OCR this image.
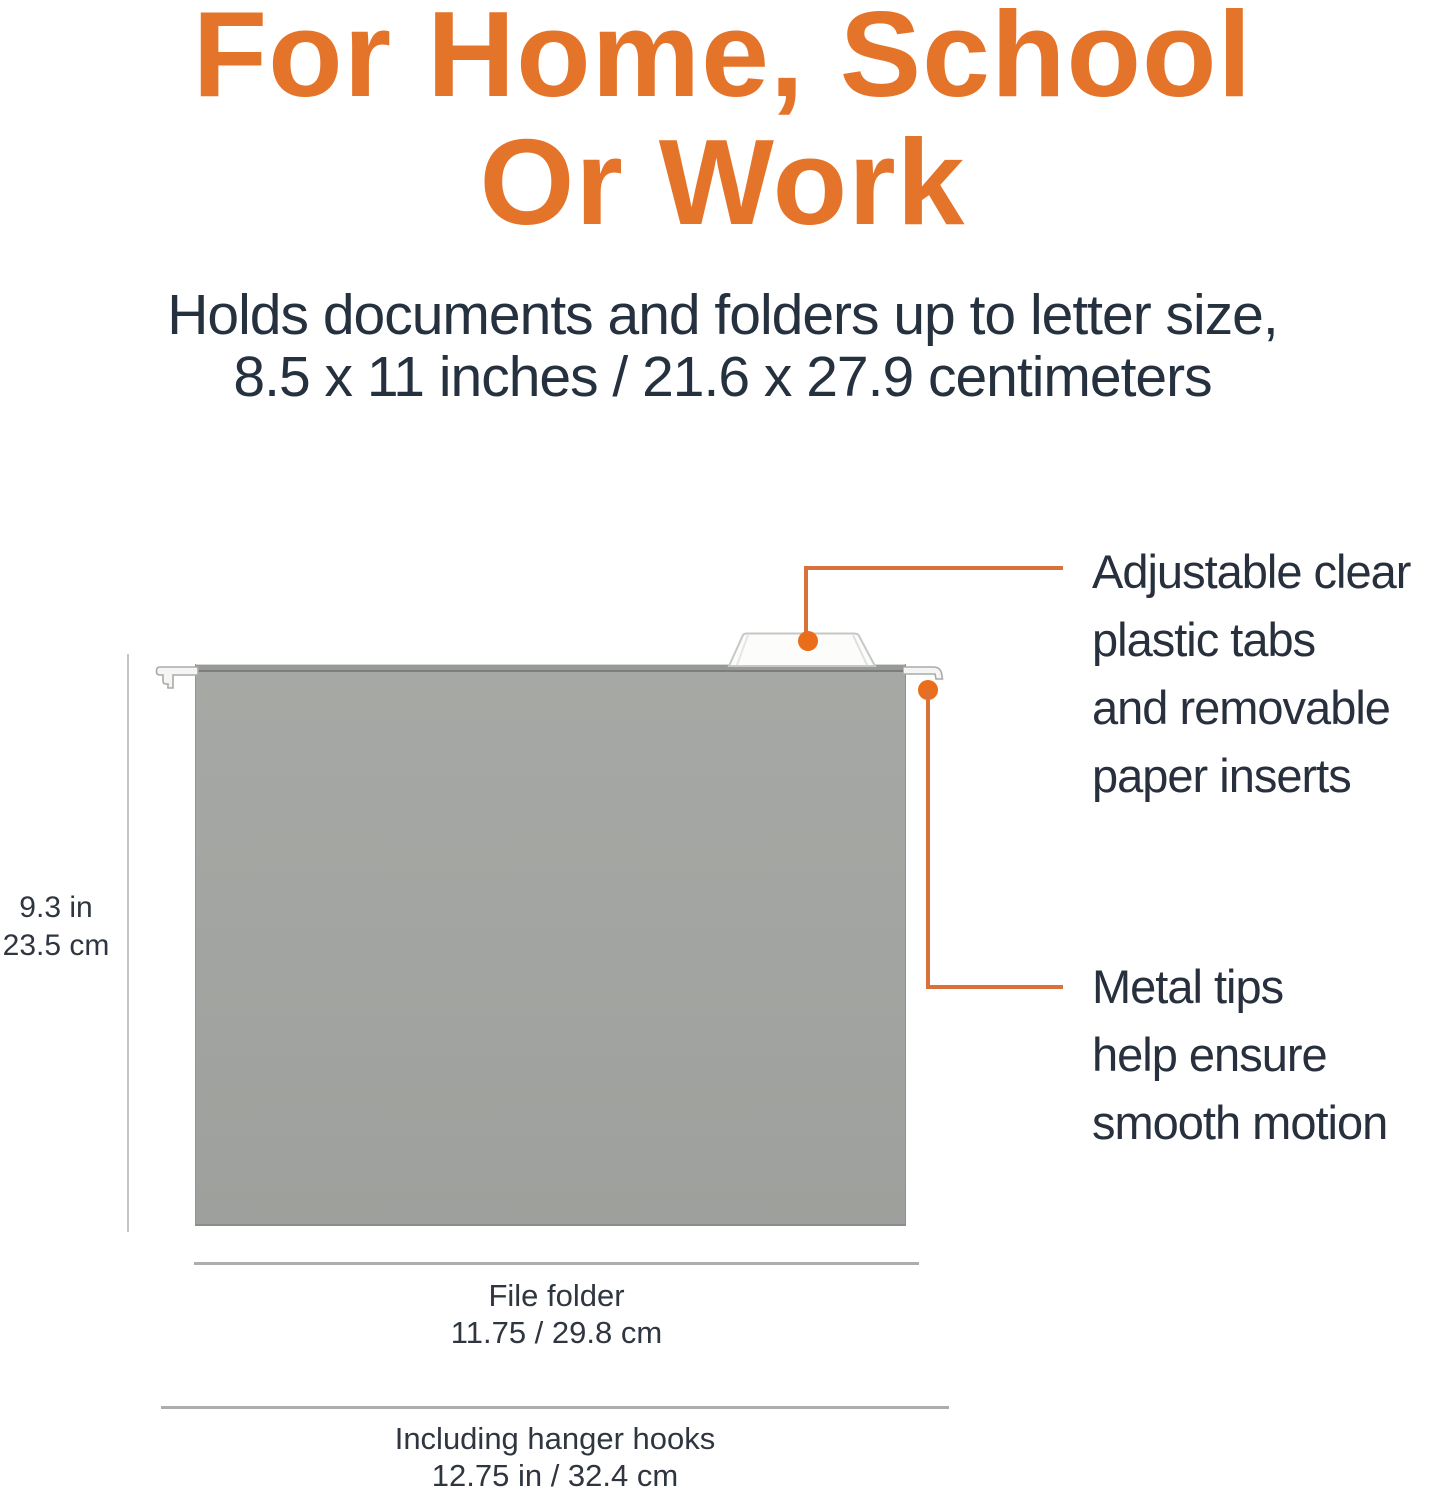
For Home, School
Or Work
Holds documents and folders up to letter size,
8.5 x 11 inches / 21.6 x 27.9 centimeters
Adjustable clear
plastic tabs
and removable
paper inserts
Metal tips
help ensure
smooth motion
9.3 in
23.5 cm
File folder
11.75 / 29.8 cm
Including hanger hooks
12.75 in / 32.4 cm
